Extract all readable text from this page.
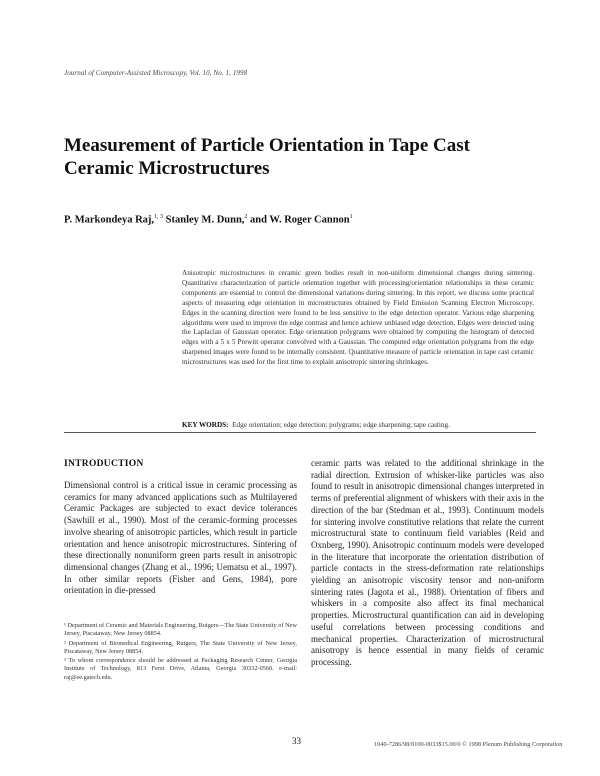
Journal of Computer-Assisted Microscopy, Vol. 10, No. 1, 1998
Measurement of Particle Orientation in Tape Cast Ceramic Microstructures
P. Markondeya Raj,$^{1, 3}$ Stanley M. Dunn,$^2$ and W. Roger Cannon$^1$
Anisotropic microstructures in ceramic green bodies result in non-uniform dimensional changes during sintering. Quantitative characterization of particle orientation together with processing/orientation relationships in these ceramic components are essential to control the dimensional variations during sintering. In this report, we discuss some practical aspects of measuring edge orientation in microstructures obtained by Field Emission Scanning Electron Microscopy. Edges in the scanning direction were found to be less sensitive to the edge detection operator. Various edge sharpening algorithms were used to improve the edge contrast and hence achieve unbiased edge detection. Edges were detected using the Laplacian of Gaussian operator. Edge orientation polygrams were obtained by computing the histogram of detected edges with a 5 x 5 Prewitt operator convolved with a Gaussian. The computed edge orientation polygrams from the edge sharpened images were found to be internally consistent. Quantitative measure of particle orientation in tape cast ceramic microstructures was used for the first time to explain anisotropic sintering shrinkages.
KEY WORDS: Edge orientation; edge detection; polygrams; edge sharpening; tape casting.
INTRODUCTION
Dimensional control is a critical issue in ceramic processing as ceramics for many advanced applications such as Multilayered Ceramic Packages are subjected to exact device tolerances (Sawhill et al., 1990). Most of the ceramic-forming processes involve shearing of anisotropic particles, which result in particle orientation and hence anisotropic microstructures. Sintering of these directionally nonuniform green parts result in anisotropic dimensional changes (Zhang et al., 1996; Uematsu et al., 1997). In other similar reports (Fisher and Gens, 1984), pore orientation in die-pressed
ceramic parts was related to the additional shrinkage in the radial direction. Extrusion of whisker-like particles was also found to result in anisotropic dimensional changes interpreted in terms of preferential alignment of whiskers with their axis in the direction of the bar (Stedman et al., 1993). Continuum models for sintering involve constitutive relations that relate the current microstructural state to continuum field variables (Reid and Oxnberg, 1990). Anisotropic continuum models were developed in the literature that incorporate the orientation distribution of particle contacts in the stress-deformation rate relationships yielding an anisotropic viscosity tensor and non-uniform sintering rates (Jagota et al., 1988). Orientation of fibers and whiskers in a composite also affect its final mechanical properties. Microstructural quantification can aid in developing useful correlations between processing conditions and mechanical properties. Characterization of microstructural anisotropy is hence essential in many fields of ceramic processing.

¹ Department of Ceramic and Materials Engineering, Rutgers—The State University of New Jersey, Piscataway, New Jersey 08854.

² Department of Biomedical Engineering, Rutgers, The State University of New Jersey, Piscataway, New Jersey 08854.

³ To whom correspondence should be addressed at Packaging Research Center, Georgia Institute of Technology, 813 Ferst Drive, Atlanta, Georgia 30332-0560. e-mail: raj@ee.gatech.edu.

33	1040-7286/98/0100-0033$15.00/0 © 1998 Plenum Publishing Corporation
